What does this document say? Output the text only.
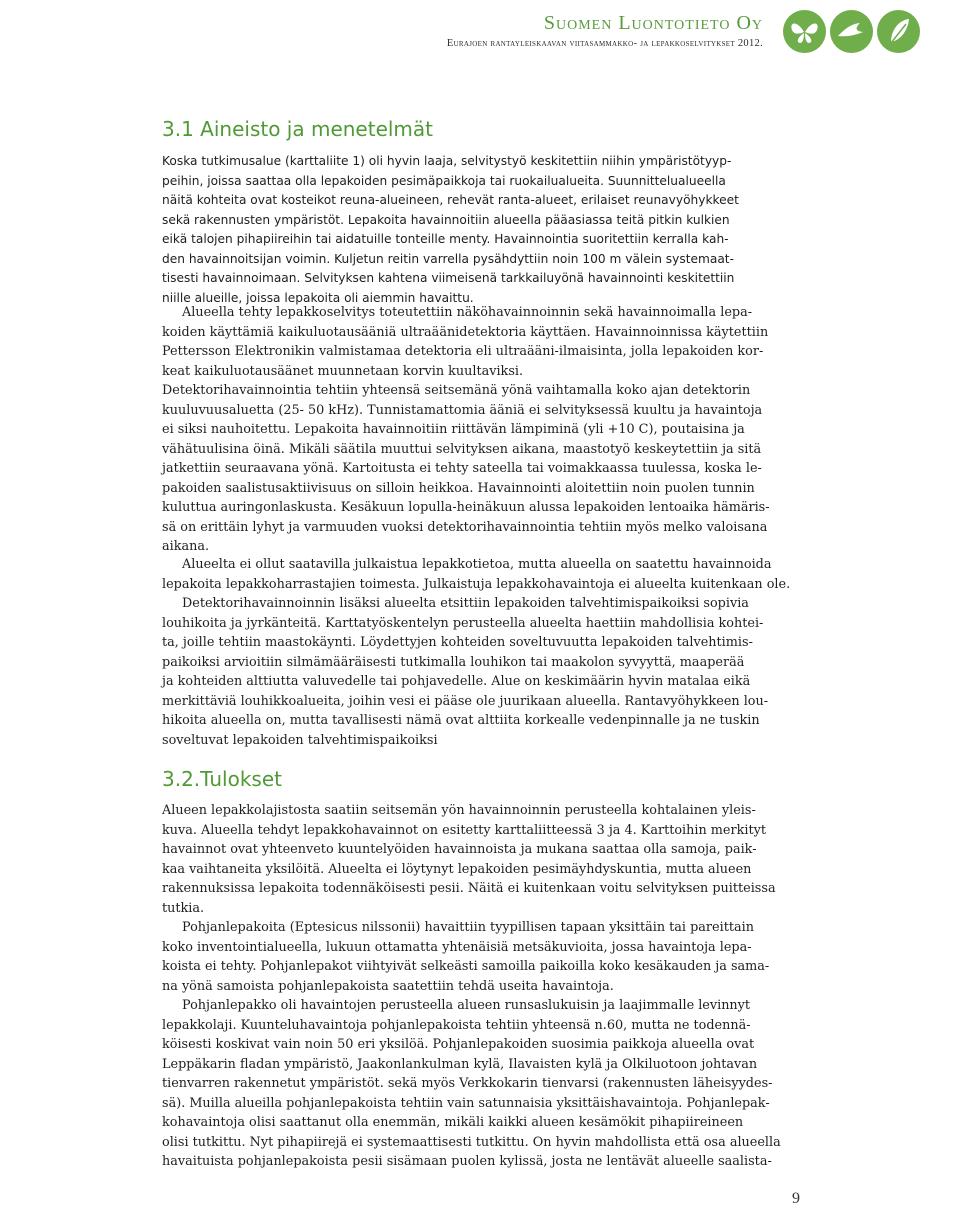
Suomen Luontotieto Oy
Eurajoen rantayleiskaavan viitasammakko- ja lepakkoselvitykset 2012.
3.1 Aineisto ja menetelmät
Koska tutkimusalue (karttaliite 1) oli hyvin laaja, selvitystyö keskitettiin niihin ympäristötyyp-
peihin, joissa saattaa olla lepakoiden pesimäpaikkoja tai ruokailualueita. Suunnittelualueella
näitä kohteita ovat kosteikot reuna-alueineen, rehevät ranta-alueet, erilaiset reunavyöhykkeet
sekä rakennusten ympäristöt. Lepakoita havainnoitiin alueella pääasiassa teitä pitkin kulkien
eikä talojen pihapiireihin tai aidatuille tonteille menty. Havainnointia suoritettiin kerralla kah-
den havainnoitsijan voimin. Kuljetun reitin varrella pysähdyttiin noin 100 m välein systemaat-
tisesti havainnoimaan. Selvityksen kahtena viimeisenä tarkkailuyönä havainnointi keskitettiin
niille alueille, joissa lepakoita oli aiemmin havaittu.
Alueella tehty lepakkoselvitys toteutettiin näköhavainnoinnin sekä havainnoimalla lepa-
koiden käyttämiä kaikuluotausääniä ultraäänidetektoria käyttäen. Havainnoinnissa käytettiin
Pettersson Elektronikin valmistamaa detektoria eli ultraääni-ilmaisinta, jolla lepakoiden kor-
keat kaikuluotausäänet muunnetaan korvin kuultaviksi.
Detektorihavainnointia tehtiin yhteensä seitsemänä yönä vaihtamalla koko ajan detektorin
kuuluvuusaluetta (25- 50 kHz). Tunnistamattomia ääniä ei selvityksessä kuultu ja havaintoja
ei siksi nauhoitettu. Lepakoita havainnoitiin riittävän lämpiminä (yli +10 C), poutaisina ja
vähätuulisina öinä. Mikäli säätila muuttui selvityksen aikana, maastotyö keskeytettiin ja sitä
jatkettiin seuraavana yönä. Kartoitusta ei tehty sateella tai voimakkaassa tuulessa, koska le-
pakoiden saalistusaktiivisuus on silloin heikkoa. Havainnointi aloitettiin noin puolen tunnin
kuluttua auringonlaskusta. Kesäkuun lopulla-heinäkuun alussa lepakoiden lentoaika hämäris-
sä on erittäin lyhyt ja varmuuden vuoksi detektorihavainnointia tehtiin myös melko valoisana
aikana.
Alueelta ei ollut saatavilla julkaistua lepakkotietoa, mutta alueella on saatettu havainnoida
lepakoita lepakkoharrastajien toimesta. Julkaistuja lepakkohavaintoja ei alueelta kuitenkaan ole.
Detektorihavainnoinnin lisäksi alueelta etsittiin lepakoiden talvehtimispaikoiksi sopivia
louhikoita ja jyrkänteitä. Karttatyöskentelyn perusteella alueelta haettiin mahdollisia kohtei-
ta, joille tehtiin maastokäynti. Löydettyjen kohteiden soveltuvuutta lepakoiden talvehtimis-
paikoiksi arvioitiin silmämääräisesti tutkimalla louhikon tai maakolon syvyyttä, maaperää
ja kohteiden alttiutta valuvedelle tai pohjavedelle. Alue on keskimäärin hyvin matalaa eikä
merkittäviä louhikkoalueita, joihin vesi ei pääse ole juurikaan alueella. Rantavyöhykkeen lou-
hikoita alueella on, mutta tavallisesti nämä ovat alttiita korkealle vedenpinnalle ja ne tuskin
soveltuvat lepakoiden talvehtimispaikoiksi
3.2.Tulokset
Alueen lepakkolajistosta saatiin seitsemän yön havainnoinnin perusteella kohtalainen yleis-
kuva. Alueella tehdyt lepakkohavainnot on esitetty karttaliitteessä 3 ja 4. Karttoihin merkityt
havainnot ovat yhteenveto kuuntelyöiden havainnoista ja mukana saattaa olla samoja, paik-
kaa vaihtaneita yksilöitä. Alueelta ei löytynyt lepakoiden pesimäyhdyskuntia, mutta alueen
rakennuksissa lepakoita todennäköisesti pesii. Näitä ei kuitenkaan voitu selvityksen puitteissa
tutkia.
Pohjanlepakoita (Eptesicus nilssonii) havaittiin tyypillisen tapaan yksittäin tai pareittain
koko inventointialueella, lukuun ottamatta yhtenäisiä metsäkuvioita, jossa havaintoja lepa-
koista ei tehty. Pohjanlepakot viihtyivät selkeästi samoilla paikoilla koko kesäkauden ja sama-
na yönä samoista pohjanlepakoista saatettiin tehdä useita havaintoja.
Pohjanlepakko oli havaintojen perusteella alueen runsaslukuisin ja laajimmalle levinnyt
lepakkolaji. Kuunteluhavaintoja pohjanlepakoista tehtiin yhteensä n.60, mutta ne todennä-
köisesti koskivat vain noin 50 eri yksilöä. Pohjanlepakoiden suosimia paikkoja alueella ovat
Leppäkarin fladan ympäristö, Jaakonlankulman kylä, Ilavaisten kylä ja Olkiluotoon johtavan
tienvarren rakennetut ympäristöt. sekä myös Verkkokarin tienvarsi (rakennusten läheisyydes-
sä). Muilla alueilla pohjanlepakoista tehtiin vain satunnaisia yksittäishavaintoja. Pohjanlepak-
kohavaintoja olisi saattanut olla enemmän, mikäli kaikki alueen kesämökit pihapiireineen
olisi tutkittu. Nyt pihapiirejä ei systemaattisesti tutkittu. On hyvin mahdollista että osa alueella
havaituista pohjanlepakoista pesii sisämaan puolen kylissä, josta ne lentävät alueelle saalista-
9
